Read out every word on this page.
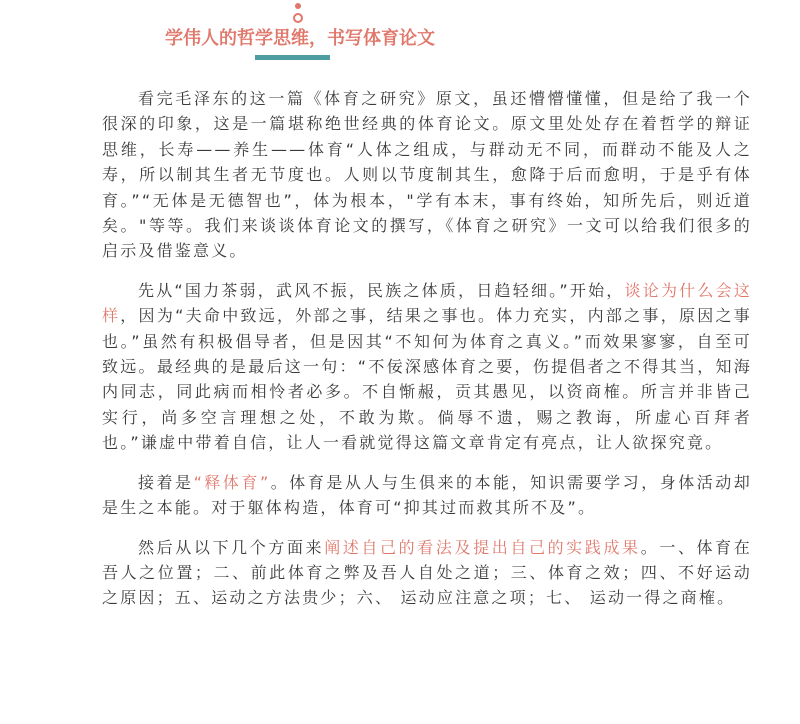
学伟人的哲学思维，书写体育论文

看完毛泽东的这一篇《体育之研究》原文，虽还懵懵懂懂，但是给了我一个很深的印象，这是一篇堪称绝世经典的体育论文。原文里处处存在着哲学的辩证思维，长寿——养生——体育“人体之组成，与群动无不同，而群动不能及人之寿，所以制其生者无节度也。人则以节度制其生，愈降于后而愈明，于是乎有体育。”“无体是无德智也”，体为根本，"学有本末，事有终始，知所先后，则近道矣。"等等。我们来谈谈体育论文的撰写，《体育之研究》一文可以给我们很多的启示及借鉴意义。

先从“国力茶弱，武风不振，民族之体质，日趋轻细。”开始，谈论为什么会这样，因为“夫命中致远，外部之事，结果之事也。体力充实，内部之事，原因之事也。”虽然有积极倡导者，但是因其“不知何为体育之真义。”而效果寥寥，自至可致远。最经典的是最后这一句：“不佞深感体育之要，伤提倡者之不得其当，知海内同志，同此病而相怜者必多。不自惭赧，贡其愚见，以资商榷。所言并非皆己实行，尚多空言理想之处，不敢为欺。倘辱不遗，赐之教诲，所虚心百拜者也。”谦虚中带着自信，让人一看就觉得这篇文章肯定有亮点，让人欲探究竟。

接着是“释体育”。体育是从人与生俱来的本能，知识需要学习，身体活动却是生之本能。对于躯体构造，体育可“抑其过而救其所不及”。

然后从以下几个方面来阐述自己的看法及提出自己的实践成果。一、体育在吾人之位置；二、前此体育之弊及吾人自处之道；三、体育之效；四、不好运动之原因；五、运动之方法贵少；六、 运动应注意之项；七、 运动一得之商榷。
